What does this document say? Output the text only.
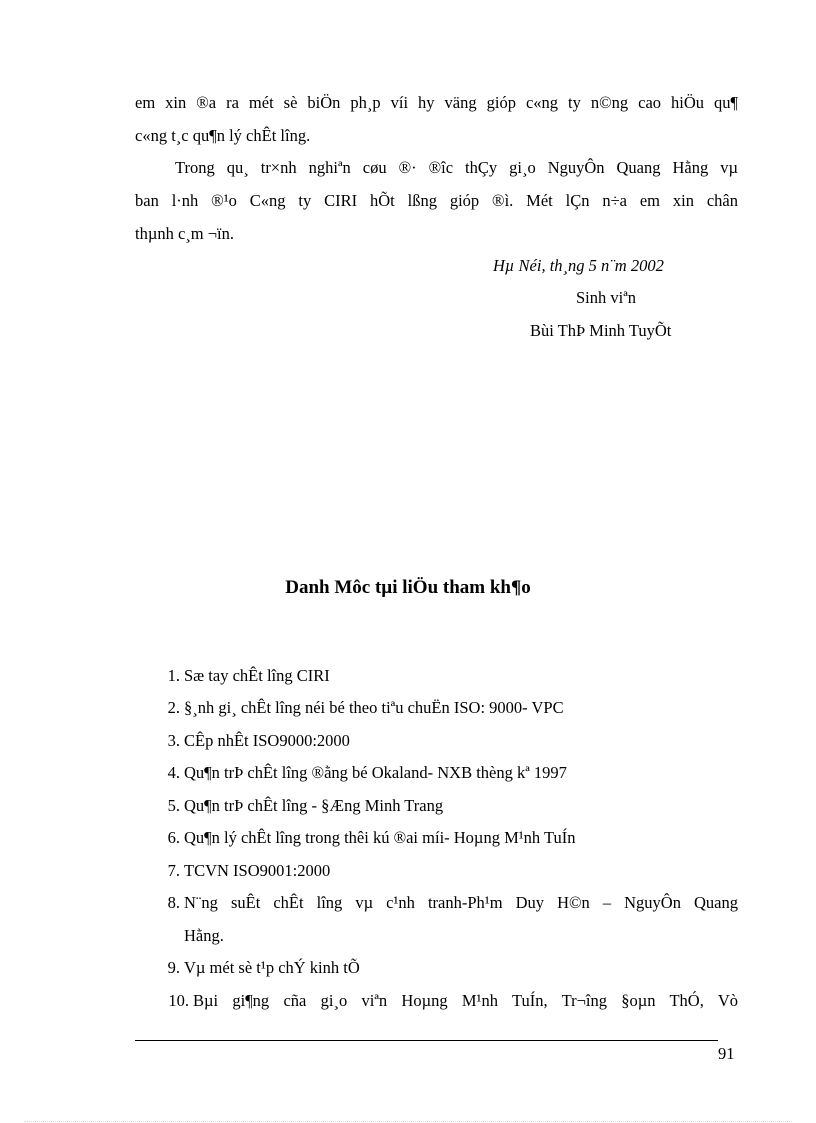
em xin ®a ra mét sè biÖn ph¸p víi hy väng gióp c«ng ty n©ng cao hiÖu qu¶
c«ng t¸c qu¶n lý chÊt lîng.
Trong qu¸ tr×nh nghiªn cøu ®· ®îc thÇy gi¸o NguyÔn Quang Hằng vµ
ban l·nh ®¹o C«ng ty CIRI hÕt lßng gióp ®ì. Mét lÇn n÷a em xin chân
thµnh c¸m ¬ïn.
Hµ Néi, th¸ng 5 n¨m 2002
Sinh viªn
Bùi ThÞ Minh TuyÕt
Danh Môc tµi liÖu tham kh¶o
1. Sæ tay chÊt lîng CIRI
2. §¸nh gi¸ chÊt lîng néi bé theo tiªu chuËn ISO: 9000- VPC
3. CÊp nhÊt ISO9000:2000
4. Qu¶n trÞ chÊt lîng ®ằng bé Okaland- NXB thèng kª 1997
5. Qu¶n trÞ chÊt lîng - §Æng Minh Trang
6. Qu¶n lý chÊt lîng trong thêi kú ®ai míi- Hoµng M¹nh TuÍn
7. TCVN ISO9001:2000
8. N¨ng suÊt chÊt lîng vµ c¹nh tranh-Ph¹m Duy H©n – NguyÔn Quang
Hằng.
9. Vµ mét sè t¹p chÝ kinh tÕ
10. Bµi gi¶ng cña gi¸o viªn Hoµng M¹nh TuÍn, Tr¬îng §oµn ThÓ, Vò
91
